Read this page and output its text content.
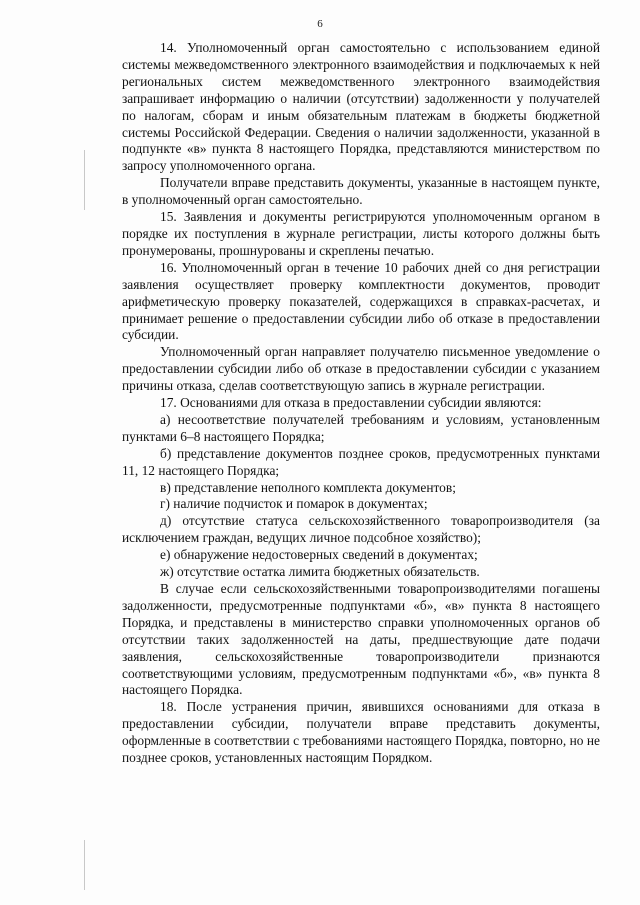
6

14. Уполномоченный орган самостоятельно с использованием единой системы межведомственного электронного взаимодействия и подключаемых к ней региональных систем межведомственного электронного взаимодействия запрашивает информацию о наличии (отсутствии) задолженности у получателей по налогам, сборам и иным обязательным платежам в бюджеты бюджетной системы Российской Федерации. Сведения о наличии задолженности, указанной в подпункте «в» пункта 8 настоящего Порядка, представляются министерством по запросу уполномоченного органа.

Получатели вправе представить документы, указанные в настоящем пункте, в уполномоченный орган самостоятельно.

15. Заявления и документы регистрируются уполномоченным органом в порядке их поступления в журнале регистрации, листы которого должны быть пронумерованы, прошнурованы и скреплены печатью.

16. Уполномоченный орган в течение 10 рабочих дней со дня регистрации заявления осуществляет проверку комплектности документов, проводит арифметическую проверку показателей, содержащихся в справках-расчетах, и принимает решение о предоставлении субсидии либо об отказе в предоставлении субсидии.

Уполномоченный орган направляет получателю письменное уведомление о предоставлении субсидии либо об отказе в предоставлении субсидии с указанием причины отказа, сделав соответствующую запись в журнале регистрации.

17. Основаниями для отказа в предоставлении субсидии являются:

а) несоответствие получателей требованиям и условиям, установленным пунктами 6–8 настоящего Порядка;

б) представление документов позднее сроков, предусмотренных пунктами 11, 12 настоящего Порядка;

в) представление неполного комплекта документов;

г) наличие подчисток и помарок в документах;

д) отсутствие статуса сельскохозяйственного товаропроизводителя (за исключением граждан, ведущих личное подсобное хозяйство);

е) обнаружение недостоверных сведений в документах;

ж) отсутствие остатка лимита бюджетных обязательств.

В случае если сельскохозяйственными товаропроизводителями погашены задолженности, предусмотренные подпунктами «б», «в» пункта 8 настоящего Порядка, и представлены в министерство справки уполномоченных органов об отсутствии таких задолженностей на даты, предшествующие дате подачи заявления, сельскохозяйственные товаропроизводители признаются соответствующими условиям, предусмотренным подпунктами «б», «в» пункта 8 настоящего Порядка.

18. После устранения причин, явившихся основаниями для отказа в предоставлении субсидии, получатели вправе представить документы, оформленные в соответствии с требованиями настоящего Порядка, повторно, но не позднее сроков, установленных настоящим Порядком.
